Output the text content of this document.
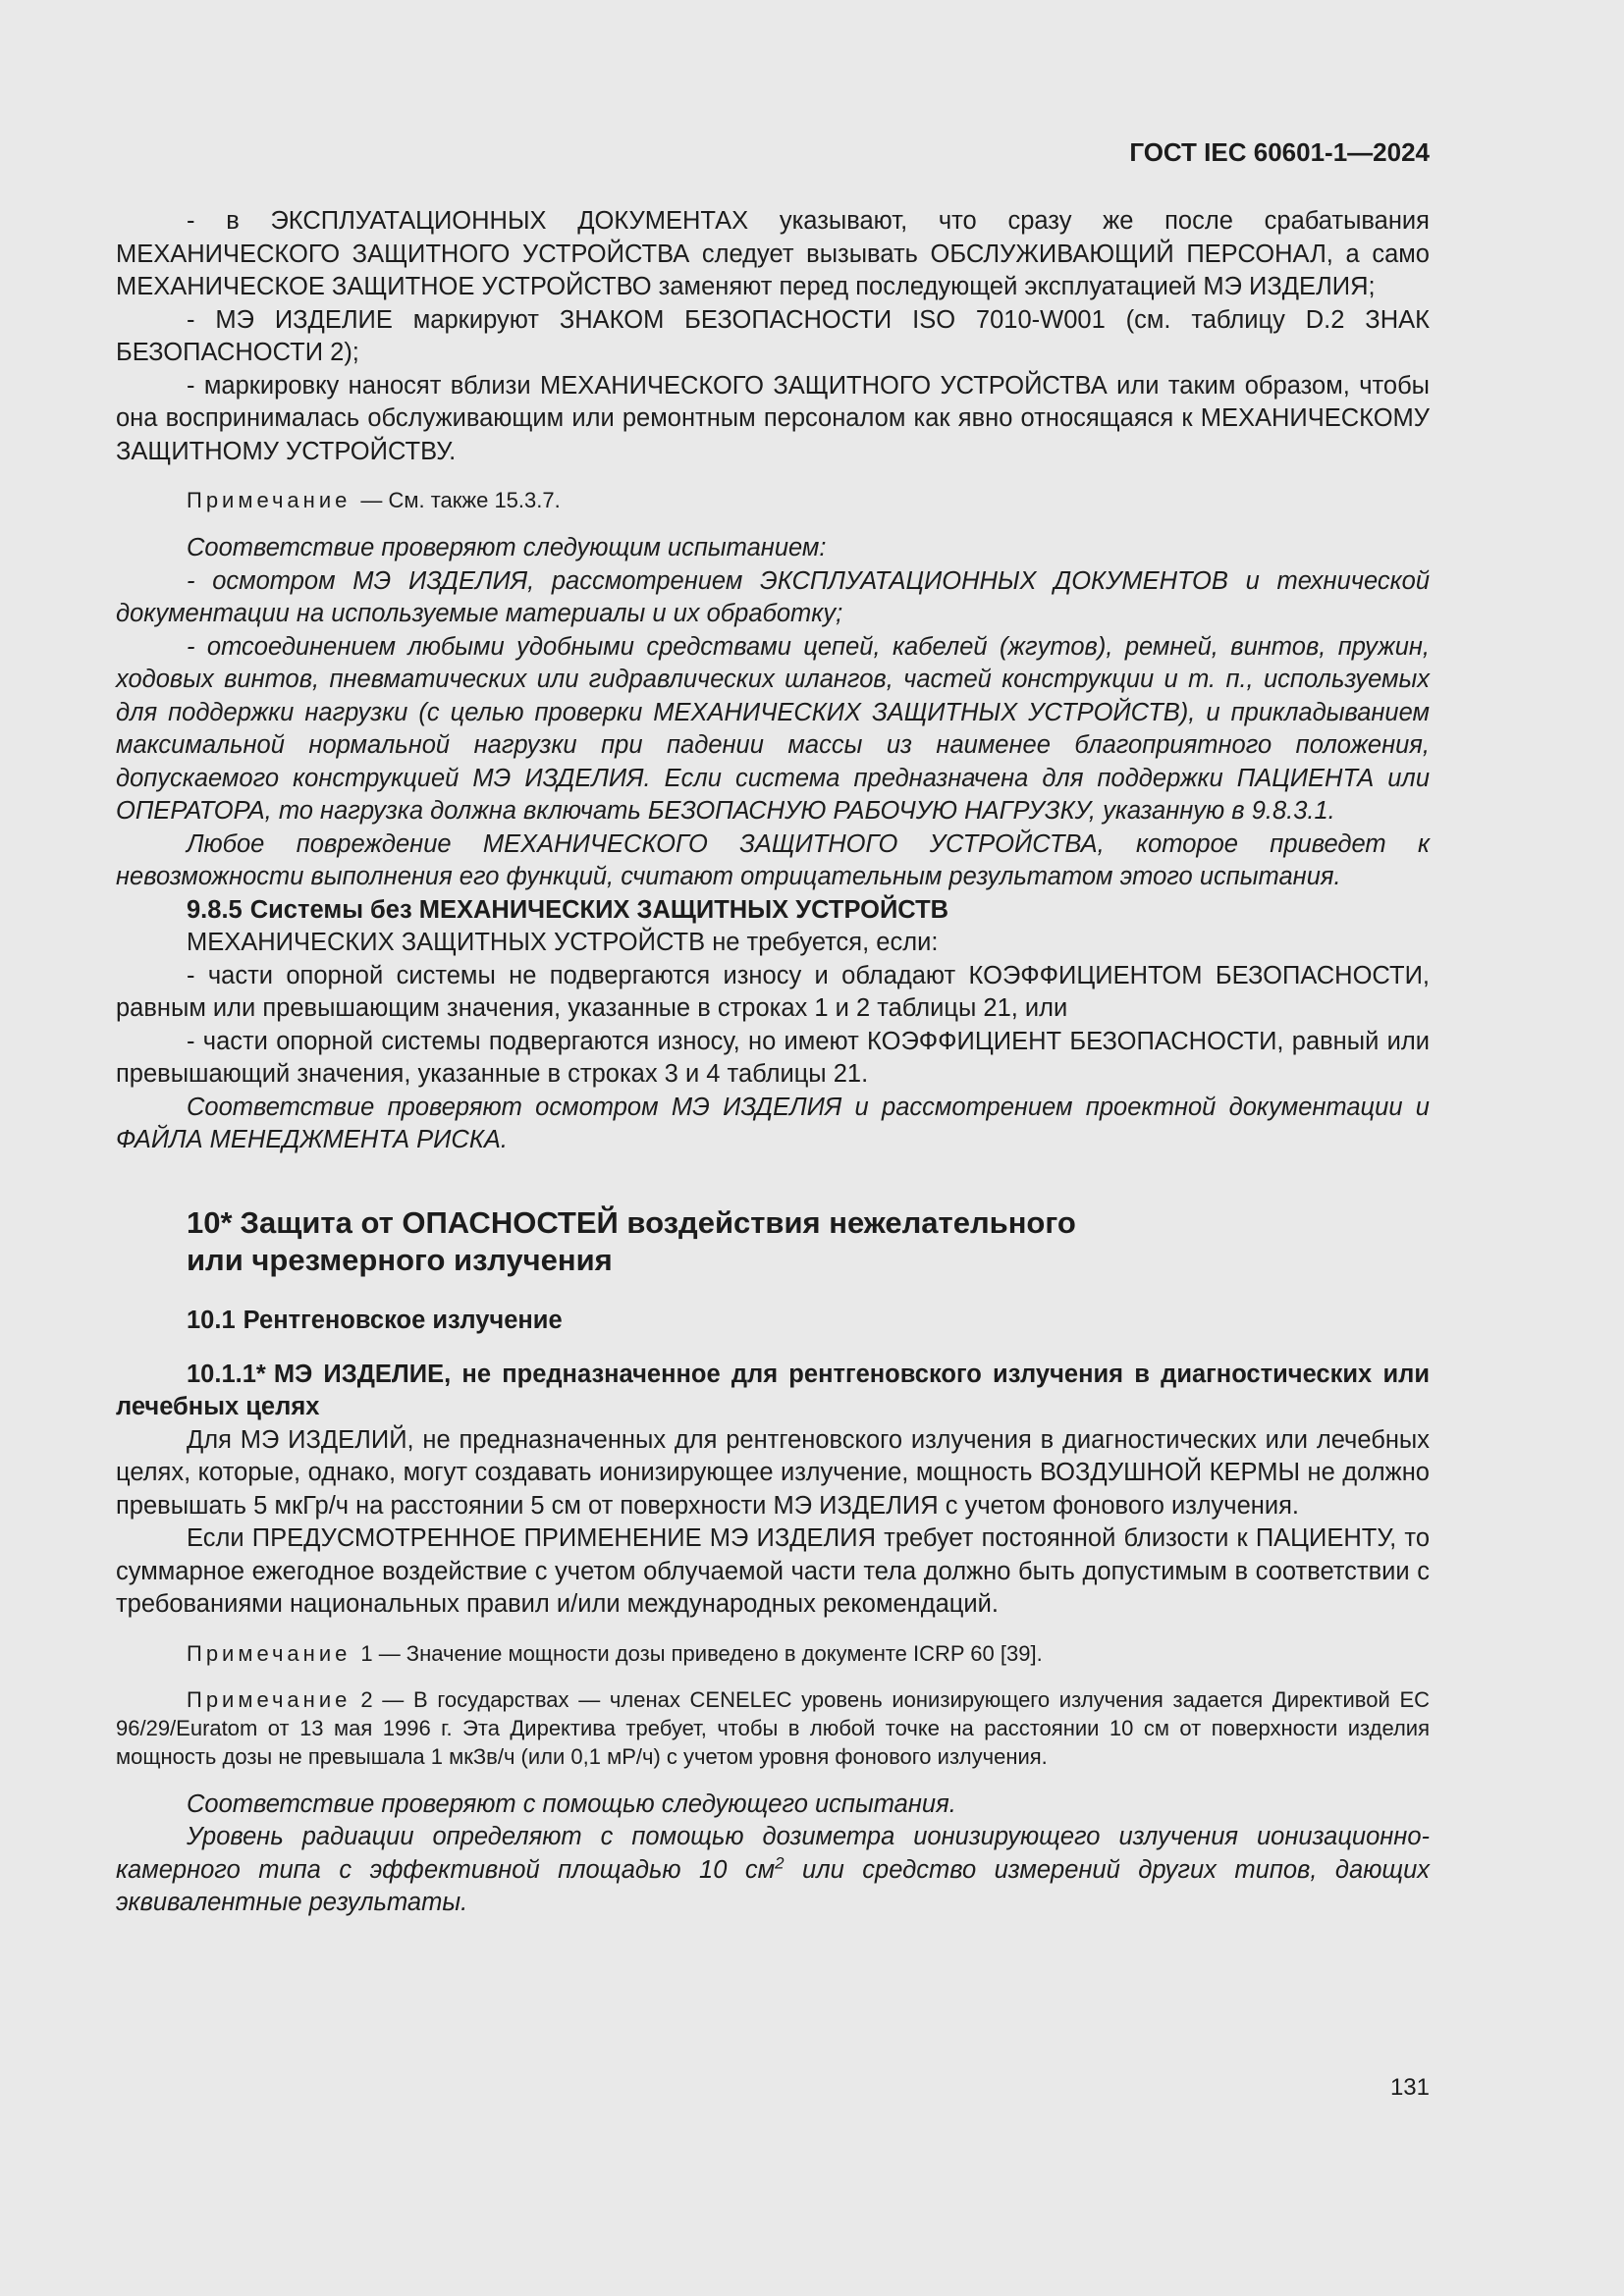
ГОСТ IEC 60601-1—2024

- в ЭКСПЛУАТАЦИОННЫХ ДОКУМЕНТАХ указывают, что сразу же после срабатывания МЕХАНИЧЕСКОГО ЗАЩИТНОГО УСТРОЙСТВА следует вызывать ОБСЛУЖИВАЮЩИЙ ПЕРСОНАЛ, а само МЕХАНИЧЕСКОЕ ЗАЩИТНОЕ УСТРОЙСТВО заменяют перед последующей эксплуатацией МЭ ИЗДЕЛИЯ;

- МЭ ИЗДЕЛИЕ маркируют ЗНАКОМ БЕЗОПАСНОСТИ ISO 7010-W001 (см. таблицу D.2 ЗНАК БЕЗОПАСНОСТИ 2);

- маркировку наносят вблизи МЕХАНИЧЕСКОГО ЗАЩИТНОГО УСТРОЙСТВА или таким образом, чтобы она воспринималась обслуживающим или ремонтным персоналом как явно относящаяся к МЕХАНИЧЕСКОМУ ЗАЩИТНОМУ УСТРОЙСТВУ.

Примечание — См. также 15.3.7.

Соответствие проверяют следующим испытанием:

- осмотром МЭ ИЗДЕЛИЯ, рассмотрением ЭКСПЛУАТАЦИОННЫХ ДОКУМЕНТОВ и технической документации на используемые материалы и их обработку;

- отсоединением любыми удобными средствами цепей, кабелей (жгутов), ремней, винтов, пружин, ходовых винтов, пневматических или гидравлических шлангов, частей конструкции и т. п., используемых для поддержки нагрузки (с целью проверки МЕХАНИЧЕСКИХ ЗАЩИТНЫХ УСТРОЙСТВ), и прикладыванием максимальной нормальной нагрузки при падении массы из наименее благоприятного положения, допускаемого конструкцией МЭ ИЗДЕЛИЯ. Если система предназначена для поддержки ПАЦИЕНТА или ОПЕРАТОРА, то нагрузка должна включать БЕЗОПАСНУЮ РАБОЧУЮ НАГРУЗКУ, указанную в 9.8.3.1.

Любое повреждение МЕХАНИЧЕСКОГО ЗАЩИТНОГО УСТРОЙСТВА, которое приведет к невозможности выполнения его функций, считают отрицательным результатом этого испытания.

9.8.5 Системы без МЕХАНИЧЕСКИХ ЗАЩИТНЫХ УСТРОЙСТВ

МЕХАНИЧЕСКИХ ЗАЩИТНЫХ УСТРОЙСТВ не требуется, если:

- части опорной системы не подвергаются износу и обладают КОЭФФИЦИЕНТОМ БЕЗОПАСНОСТИ, равным или превышающим значения, указанные в строках 1 и 2 таблицы 21, или

- части опорной системы подвергаются износу, но имеют КОЭФФИЦИЕНТ БЕЗОПАСНОСТИ, равный или превышающий значения, указанные в строках 3 и 4 таблицы 21.

Соответствие проверяют осмотром МЭ ИЗДЕЛИЯ и рассмотрением проектной документации и ФАЙЛА МЕНЕДЖМЕНТА РИСКА.

10* Защита от ОПАСНОСТЕЙ воздействия нежелательного
или чрезмерного излучения
10.1 Рентгеновское излучение

10.1.1* МЭ ИЗДЕЛИЕ, не предназначенное для рентгеновского излучения в диагностических или лечебных целях

Для МЭ ИЗДЕЛИЙ, не предназначенных для рентгеновского излучения в диагностических или лечебных целях, которые, однако, могут создавать ионизирующее излучение, мощность ВОЗДУШНОЙ КЕРМЫ не должно превышать 5 мкГр/ч на расстоянии 5 см от поверхности МЭ ИЗДЕЛИЯ с учетом фонового излучения.

Если ПРЕДУСМОТРЕННОЕ ПРИМЕНЕНИЕ МЭ ИЗДЕЛИЯ требует постоянной близости к ПАЦИЕНТУ, то суммарное ежегодное воздействие с учетом облучаемой части тела должно быть допустимым в соответствии с требованиями национальных правил и/или международных рекомендаций.

Примечание 1 — Значение мощности дозы приведено в документе ICRP 60 [39].
Примечание 2 — В государствах — членах CENELEC уровень ионизирующего излучения задается Директивой ЕС 96/29/Euratom от 13 мая 1996 г. Эта Директива требует, чтобы в любой точке на расстоянии 10 см от поверхности изделия мощность дозы не превышала 1 мкЗв/ч (или 0,1 мР/ч) с учетом уровня фонового излучения.

Соответствие проверяют с помощью следующего испытания.

Уровень радиации определяют с помощью дозиметра ионизирующего излучения ионизационно-камерного типа с эффективной площадью 10 $см^2$ или средство измерений других типов, дающих эквивалентные результаты.

131
